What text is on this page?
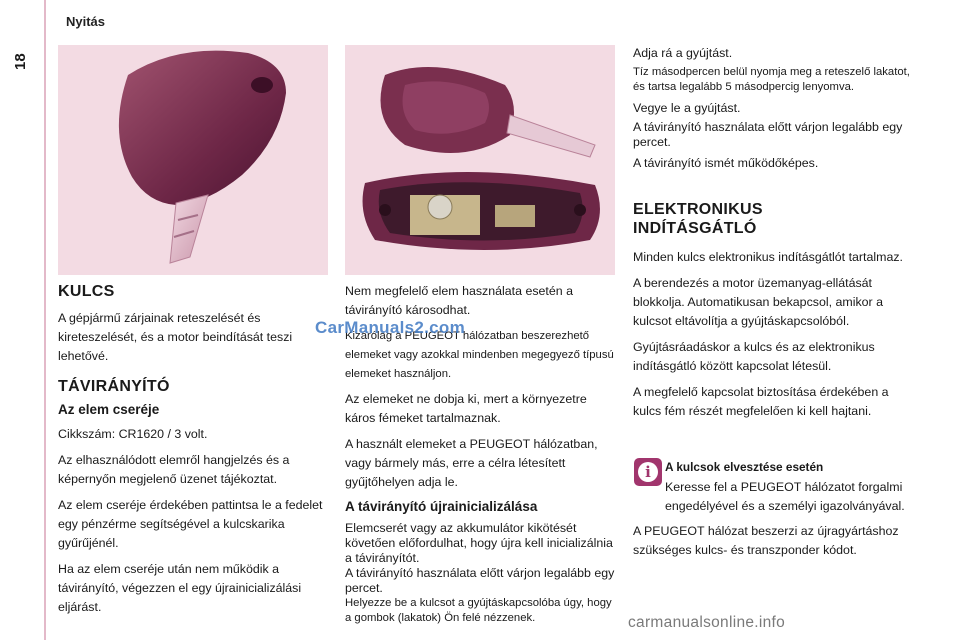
Nyitás
18
KULCS

A gépjármű zárjainak reteszelését és kireteszelését, és a motor beindítását teszi lehetővé.

TÁVIRÁNYÍTÓ
Az elem cseréje

Cikkszám: CR1620 / 3 volt.

Az elhasználódott elemről hangjelzés és a képernyőn megjelenő üzenet tájékoztat.

Az elem cseréje érdekében pattintsa le a fedelet egy pénzérme segítségével a kulcskarika gyűrűjénél.

Ha az elem cseréje után nem működik a távirányító, végezzen el egy újrainicializálási eljárást.

Nem megfelelő elem használata esetén a távirányító károsodhat.

Kizárólag a PEUGEOT hálózatban beszerezhető elemeket vagy azokkal mindenben megegyező típusú elemeket használjon.

Az elemeket ne dobja ki, mert a környezetre káros fémeket tartalmaznak.

A használt elemeket a PEUGEOT hálózatban, vagy bármely más, erre a célra létesített gyűjtőhelyen adja le.

A távirányító újrainicializálása

Elemcserét vagy az akkumulátor kikötését követően előfordulhat, hogy újra kell inicializálnia a távirányítót.

A távirányító használata előtt várjon legalább egy percet.

Helyezze be a kulcsot a gyújtáskapcsolóba úgy, hogy a gombok (lakatok) Ön felé nézzenek.

Adja rá a gyújtást.

Tíz másodpercen belül nyomja meg a reteszelő lakatot, és tartsa legalább 5 másodpercig lenyomva.

Vegye le a gyújtást.

A távirányító használata előtt várjon legalább egy percet.

A távirányító ismét működőképes.

ELEKTRONIKUS INDÍTÁSGÁTLÓ

Minden kulcs elektronikus indításgátlót tartalmaz.

A berendezés a motor üzemanyag-ellátását blokkolja. Automatikusan bekapcsol, amikor a kulcsot eltávolítja a gyújtáskapcsolóból.

Gyújtásráadáskor a kulcs és az elektronikus indításgátló között kapcsolat létesül.

A megfelelő kapcsolat biztosítása érdekében a kulcs fém részét megfelelően ki kell hajtani.

i	A kulcsok elvesztése esetén

Keresse fel a PEUGEOT hálózatot forgalmi engedélyével és a személyi igazolványával.

A PEUGEOT hálózat beszerzi az újragyártáshoz szükséges kulcs- és transzponder kódot.

CarManuals2.com
carmanualsonline.info
